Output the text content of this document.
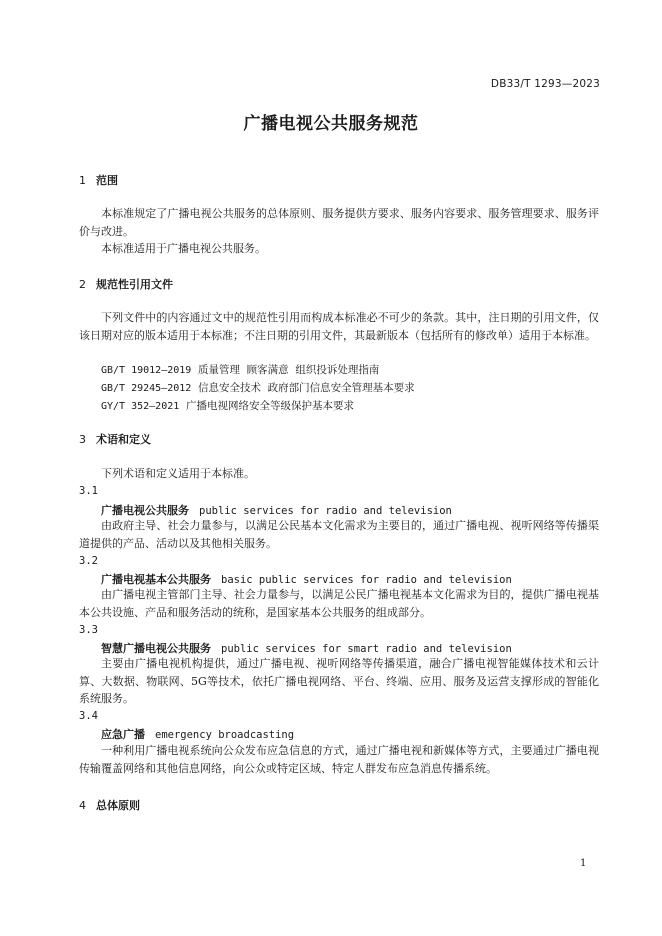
DB33/T 1293—2023
广播电视公共服务规范
1 范围
本标准规定了广播电视公共服务的总体原则、服务提供方要求、服务内容要求、服务管理要求、服务评价与改进。
本标准适用于广播电视公共服务。
2 规范性引用文件
下列文件中的内容通过文中的规范性引用而构成本标准必不可少的条款。其中，注日期的引用文件，仅该日期对应的版本适用于本标准；不注日期的引用文件，其最新版本（包括所有的修改单）适用于本标准。
GB/T 19012—2019 质量管理  顾客满意  组织投诉处理指南
GB/T 29245—2012 信息安全技术  政府部门信息安全管理基本要求
GY/T 352—2021 广播电视网络安全等级保护基本要求
3 术语和定义
下列术语和定义适用于本标准。
3.1
广播电视公共服务 public services for radio and television
由政府主导、社会力量参与，以满足公民基本文化需求为主要目的，通过广播电视、视听网络等传播渠道提供的产品、活动以及其他相关服务。
3.2
广播电视基本公共服务 basic public services for radio and television
由广播电视主管部门主导、社会力量参与，以满足公民广播电视基本文化需求为目的，提供广播电视基本公共设施、产品和服务活动的统称，是国家基本公共服务的组成部分。
3.3
智慧广播电视公共服务 public services for smart radio and television
主要由广播电视机构提供，通过广播电视、视听网络等传播渠道，融合广播电视智能媒体技术和云计算、大数据、物联网、5G等技术，依托广播电视网络、平台、终端、应用、服务及运营支撑形成的智能化系统服务。
3.4
应急广播 emergency broadcasting
一种利用广播电视系统向公众发布应急信息的方式，通过广播电视和新媒体等方式，主要通过广播电视传输覆盖网络和其他信息网络，向公众或特定区域、特定人群发布应急消息传播系统。
4 总体原则
1
